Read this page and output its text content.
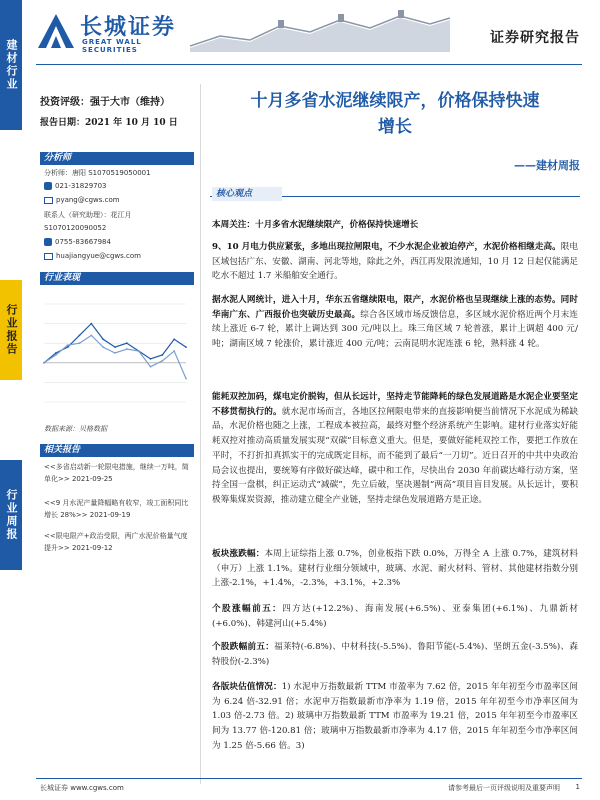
建材行业
行业报告
行业周报
长城证券
GREAT WALL SECURITIES
证券研究报告
投资评级：强于大市（维持）
报告日期：2021 年 10 月 10 日
分析师
分析师：唐阳 S1070519050001
021-31829703
pyang@cgws.com
联系人（研究助理）：花江月
S1070120090052
0755-83667984
huajiangyue@cgws.com
行业表现
数据来源：贝格数据
相关报告
<<多省启动新一轮限电措施，继续一万吨，简单化>> 2021-09-25
<<9 月水泥产量降幅略有收窄，竣工面积同比增长 28%>> 2021-09-19
<<限电限产+政治受限，两广水泥价格量气度提升>> 2021-09-12
十月多省水泥继续限产，价格保持快速
增长
——建材周报
核心观点
本周关注：十月多省水泥继续限产，价格保持快速增长
9、10 月电力供应紧张，多地出现拉闸限电，不少水泥企业被迫停产，水泥价格相继走高。限电区域包括广东、安徽、湖南、河北等地，除此之外，西江再发限流通知，10 月 12 日起仅能满足吃水不超过 1.7 米船舶安全通行。
据水泥人网统计，进入十月，华东五省继续限电，限产，水泥价格也呈现继续上涨的态势。同时华南广东、广西报价也突破历史最高。综合各区域市场反馈信息，多区域水泥价格近两个月末连续上涨近 6-7 轮，累计上调达到 300 元/吨以上。珠三角区域 7 轮普涨，累计上调超 400 元/吨；湖南区域 7 轮涨价，累计涨近 400 元/吨；云南昆明水泥连涨 6 轮，熟料涨 4 轮。
能耗双控加码，煤电定价脱钩，但从长远计，坚持走节能降耗的绿色发展道路是水泥企业要坚定不移贯彻执行的。就水泥市场而言，各地区拉闸限电带来的直接影响便当前情况下水泥成为稀缺品，水泥价格也随之上涨，工程成本被拉高，最终对整个经济系统产生影响。建材行业落实好能耗双控对推动高质量发展实现“双碳”目标意义重大。但是，要做好能耗双控工作，要把工作放在平时，不打折扣真抓实干的完成既定目标，而不能到了最后“一刀切”。近日召开的中共中央政治局会议也提出，要统筹有序做好碳达峰，碳中和工作，尽快出台 2030 年前碳达峰行动方案，坚持全国一盘棋，纠正运动式“减碳”，先立后破，坚决遏制“两高”项目盲目发展。从长远计，要积极筹集煤炭资源，推动建立健全产业链，坚持走绿色发展道路方是正途。
板块涨跌幅：本周上证综指上涨 0.7%，创业板指下跌 0.0%，万得全 A 上涨 0.7%，建筑材料（申万）上涨 1.1%。建材行业细分领域中，玻璃、水泥、耐火材料、管材、其他建材指数分别上涨-2.1%，+1.4%，-2.3%，+3.1%，+2.3%
个股涨幅前五：四方达(+12.2%)、海南发展(+6.5%)、亚泰集团(+6.1%)、九鼎新材(+6.0%)、韩建河山(+5.4%)
个股跌幅前五：福莱特(-6.8%)、中材科技(-5.5%)、鲁阳节能(-5.4%)、坚朗五金(-3.5%)、森特股份(-2.3%)
各版块估值情况：1) 水泥申万指数最新 TTM 市盈率为 7.62 倍，2015 年年初至今市盈率区间为 6.24 倍-32.91 倍；水泥申万指数最新市净率为 1.19 倍，2015 年年初至今市净率区间为 1.03 倍-2.73 倍。2) 玻璃申万指数最新 TTM 市盈率为 19.21 倍，2015 年年初至今市盈率区间为 13.77 倍-120.81 倍；玻璃申万指数最新市净率为 4.17 倍，2015 年年初至今市净率区间为 1.25 倍-5.66 倍。3)
长城证券 www.cgws.com	请参考最后一页评级说明及重要声明 1
